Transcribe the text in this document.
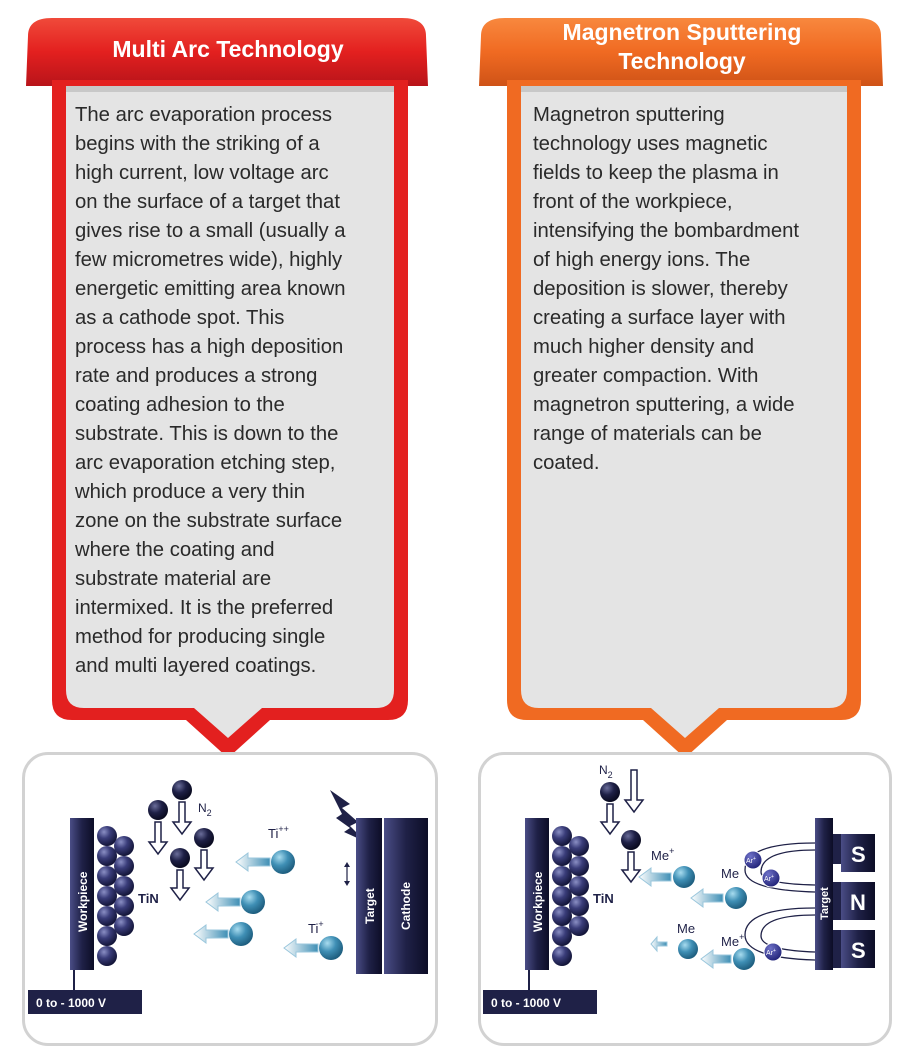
Multi Arc Technology
The arc evaporation process
begins with the striking of a
high current, low voltage arc
on the surface of a target that
gives rise to a small (usually a
few micrometres wide), highly
energetic emitting area known
as a cathode spot. This
process has a high deposition
rate and produces a strong
coating adhesion to the
substrate. This is down to the
arc evaporation etching step,
which produce a very thin
zone on the substrate surface
where the coating and
substrate material are
intermixed. It is the preferred
method for producing single
and multi layered coatings.
Magnetron Sputtering
Technology
Magnetron sputtering
technology uses magnetic
fields to keep the plasma in
front of the workpiece,
intensifying the bombardment
of high energy ions. The
deposition is slower, thereby
creating a surface layer with
much higher density and
greater compaction. With
magnetron sputtering, a wide
range of materials can be
coated.
Workpiece	TiN
$N_2$
Ti++
Ti+	Target Cathode
0 to - 1000 V
Workpiece	TiN
$N_2$
Me+
Me
Me
Me+
Ar+
Ar+
Ar+
Target
S
N
S
0 to - 1000 V
